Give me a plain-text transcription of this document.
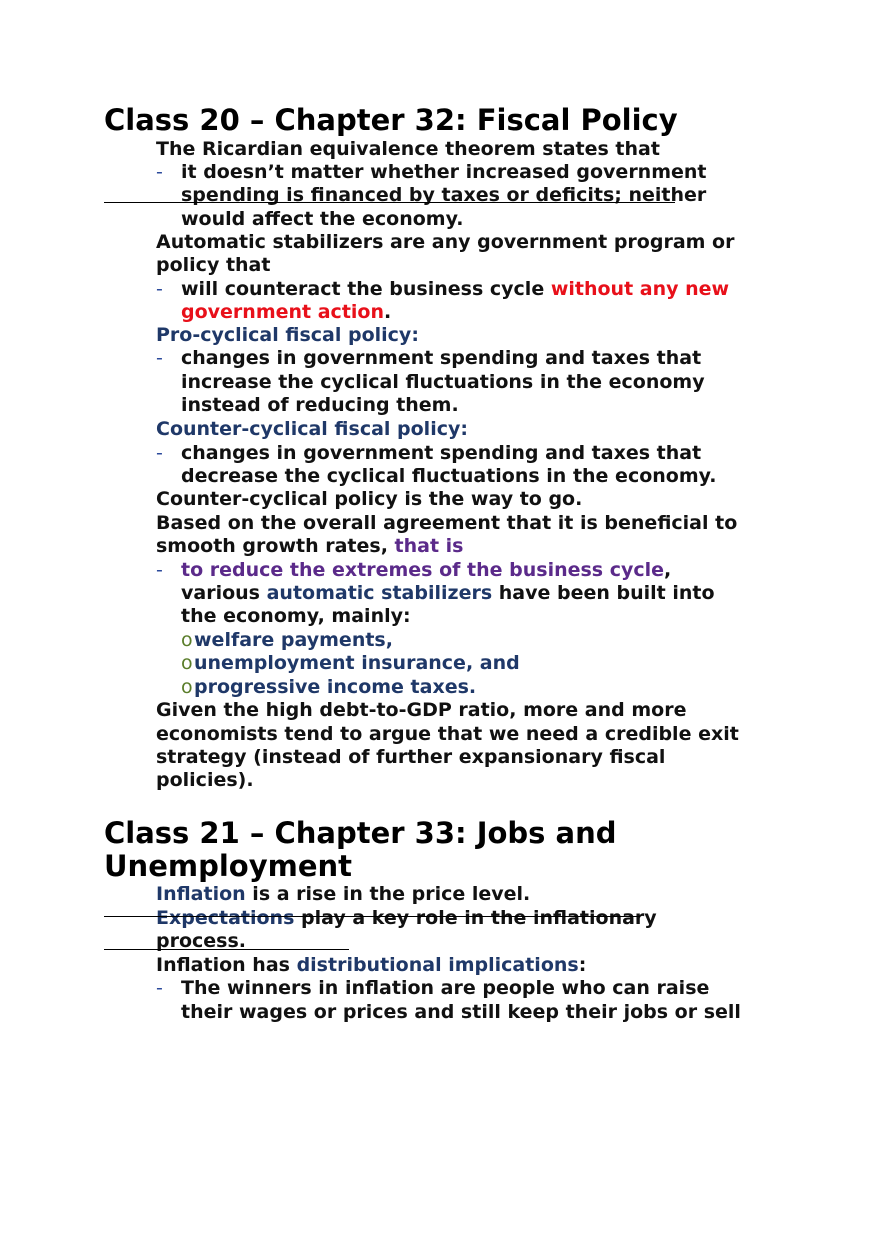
Class 20 – Chapter 32: Fiscal Policy
The Ricardian equivalence theorem states that
- it doesn’t matter whether increased government
spending is financed by taxes or deficits; neither
would affect the economy.
Automatic stabilizers are any government program or
policy that
- will counteract the business cycle without any new
government action.
Pro-cyclical fiscal policy:
- changes in government spending and taxes that
increase the cyclical fluctuations in the economy
instead of reducing them.
Counter-cyclical fiscal policy:
- changes in government spending and taxes that
decrease the cyclical fluctuations in the economy.
Counter-cyclical policy is the way to go.
Based on the overall agreement that it is beneficial to
smooth growth rates, that is
- to reduce the extremes of the business cycle,
various automatic stabilizers have been built into
the economy, mainly:
o welfare payments,
o unemployment insurance, and
o progressive income taxes.
Given the high debt-to-GDP ratio, more and more
economists tend to argue that we need a credible exit
strategy (instead of further expansionary fiscal
policies).
Class 21 – Chapter 33: Jobs and
Unemployment
Inflation is a rise in the price level.
Expectations play a key role in the inflationary
process.
Inflation has distributional implications:
- The winners in inflation are people who can raise
their wages or prices and still keep their jobs or sell
